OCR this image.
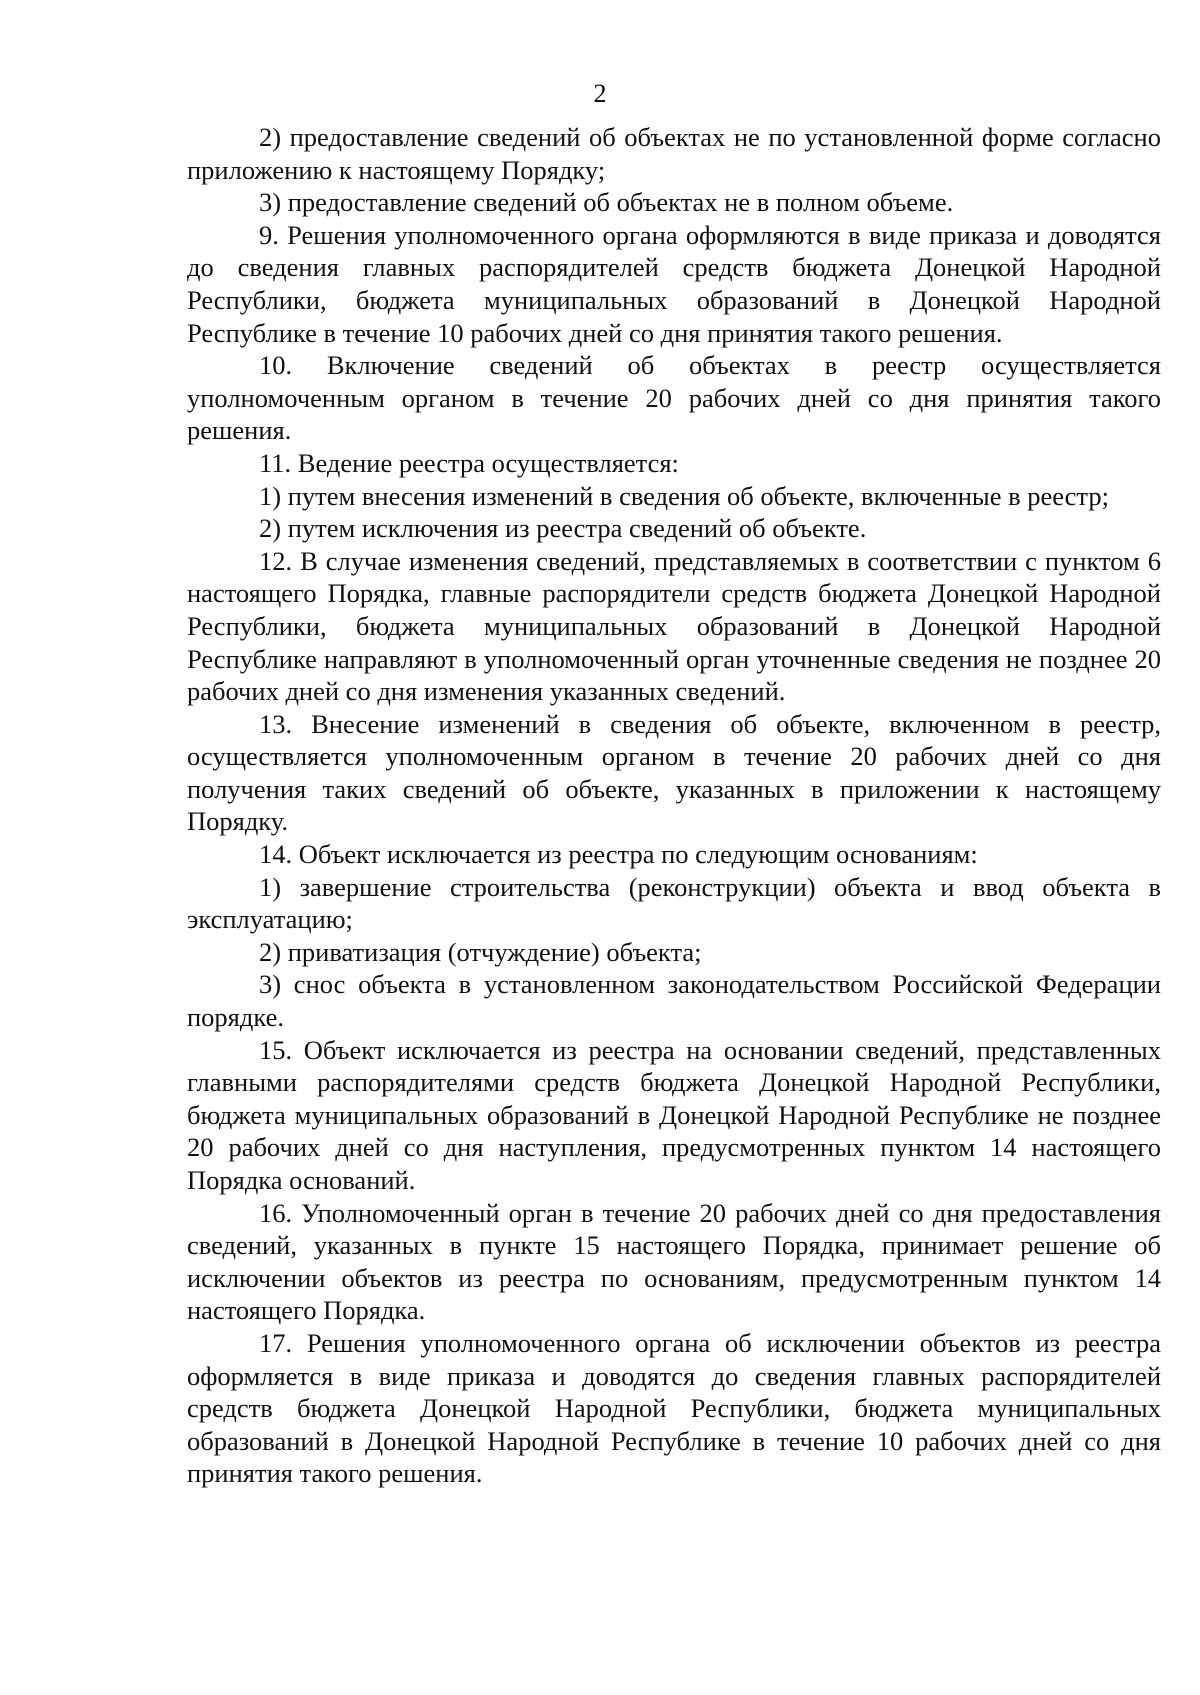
2

2) предоставление сведений об объектах не по установленной форме согласно приложению к настоящему Порядку;

3) предоставление сведений об объектах не в полном объеме.

9. Решения уполномоченного органа оформляются в виде приказа и доводятся до сведения главных распорядителей средств бюджета Донецкой Народной Республики, бюджета муниципальных образований в Донецкой Народной Республике в течение 10 рабочих дней со дня принятия такого решения.

10. Включение сведений об объектах в реестр осуществляется уполномоченным органом в течение 20 рабочих дней со дня принятия такого решения.

11. Ведение реестра осуществляется:

1) путем внесения изменений в сведения об объекте, включенные в реестр;

2) путем исключения из реестра сведений об объекте.

12. В случае изменения сведений, представляемых в соответствии с пунктом 6 настоящего Порядка, главные распорядители средств бюджета Донецкой Народной Республики, бюджета муниципальных образований в Донецкой Народной Республике направляют в уполномоченный орган уточненные сведения не позднее 20 рабочих дней со дня изменения указанных сведений.

13. Внесение изменений в сведения об объекте, включенном в реестр, осуществляется уполномоченным органом в течение 20 рабочих дней со дня получения таких сведений об объекте, указанных в приложении к настоящему Порядку.

14. Объект исключается из реестра по следующим основаниям:

1) завершение строительства (реконструкции) объекта и ввод объекта в эксплуатацию;

2) приватизация (отчуждение) объекта;

3) снос объекта в установленном законодательством Российской Федерации порядке.

15. Объект исключается из реестра на основании сведений, представленных главными распорядителями средств бюджета Донецкой Народной Республики, бюджета муниципальных образований в Донецкой Народной Республике не позднее 20 рабочих дней со дня наступления, предусмотренных пунктом 14 настоящего Порядка оснований.

16. Уполномоченный орган в течение 20 рабочих дней со дня предоставления сведений, указанных в пункте 15 настоящего Порядка, принимает решение об исключении объектов из реестра по основаниям, предусмотренным пунктом 14 настоящего Порядка.

17. Решения уполномоченного органа об исключении объектов из реестра оформляется в виде приказа и доводятся до сведения главных распорядителей средств бюджета Донецкой Народной Республики, бюджета муниципальных образований в Донецкой Народной Республике в течение 10 рабочих дней со дня принятия такого решения.
